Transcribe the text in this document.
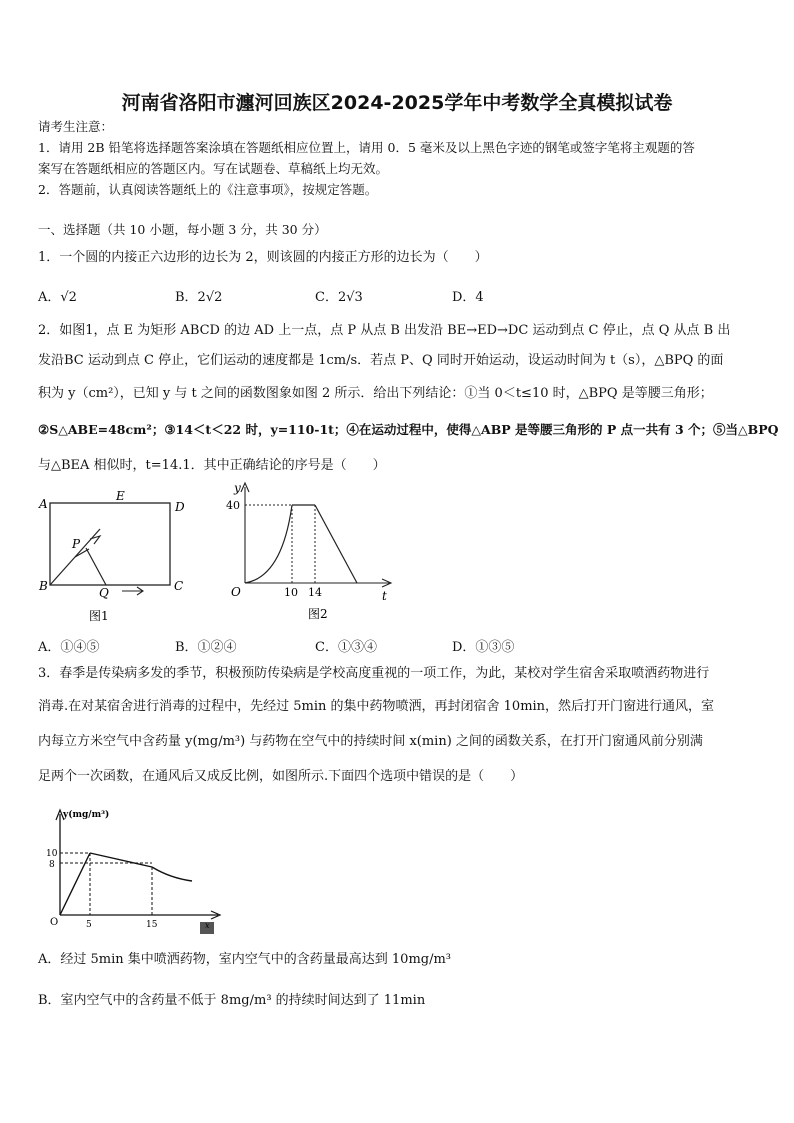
河南省洛阳市瀍河回族区2024-2025学年中考数学全真模拟试卷
请考生注意：
1．请用 2B 铅笔将选择题答案涂填在答题纸相应位置上，请用 0．5 毫米及以上黑色字迹的钢笔或签字笔将主观题的答
案写在答题纸相应的答题区内。写在试题卷、草稿纸上均无效。
2．答题前，认真阅读答题纸上的《注意事项》，按规定答题。
一、选择题（共 10 小题，每小题 3 分，共 30 分）
1．一个圆的内接正六边形的边长为 2，则该圆的内接正方形的边长为（　　）
A．√2	B．2√2	C．2√3	D．4
2．如图1，点 E 为矩形 ABCD 的边 AD 上一点，点 P 从点 B 出发沿 BE→ED→DC 运动到点 C 停止，点 Q 从点 B 出
发沿BC 运动到点 C 停止，它们运动的速度都是 1cm/s．若点 P、Q 同时开始运动，设运动时间为 t（s），△BPQ 的面
积为 y（cm²），已知 y 与 t 之间的函数图象如图 2 所示．给出下列结论：①当 0＜t≤10 时，△BPQ 是等腰三角形；
②S△ABE=48cm²；③14＜t＜22 时，y=110-1t；④在运动过程中，使得△ABP 是等腰三角形的 P 点一共有 3 个；⑤当△BPQ
与△BEA 相似时，t=14.1．其中正确结论的序号是（　　）
A
E
D
P
B	Q	C
图1
y
40
O	10 14	t
图2
A．①④⑤	B．①②④	C．①③④	D．①③⑤
3．春季是传染病多发的季节，积极预防传染病是学校高度重视的一项工作，为此，某校对学生宿舍采取喷洒药物进行
消毒.在对某宿舍进行消毒的过程中，先经过 5min 的集中药物喷洒，再封闭宿舍 10min，然后打开门窗进行通风，室
内每立方米空气中含药量 y(mg/m³) 与药物在空气中的持续时间 x(min) 之间的函数关系，在打开门窗通风前分别满
足两个一次函数，在通风后又成反比例，如图所示.下面四个选项中错误的是（　　）
y(mg/m³)
10
8
O	5	15	x
A．经过 5min 集中喷洒药物，室内空气中的含药量最高达到 10mg/m³
B．室内空气中的含药量不低于 8mg/m³ 的持续时间达到了 11min
